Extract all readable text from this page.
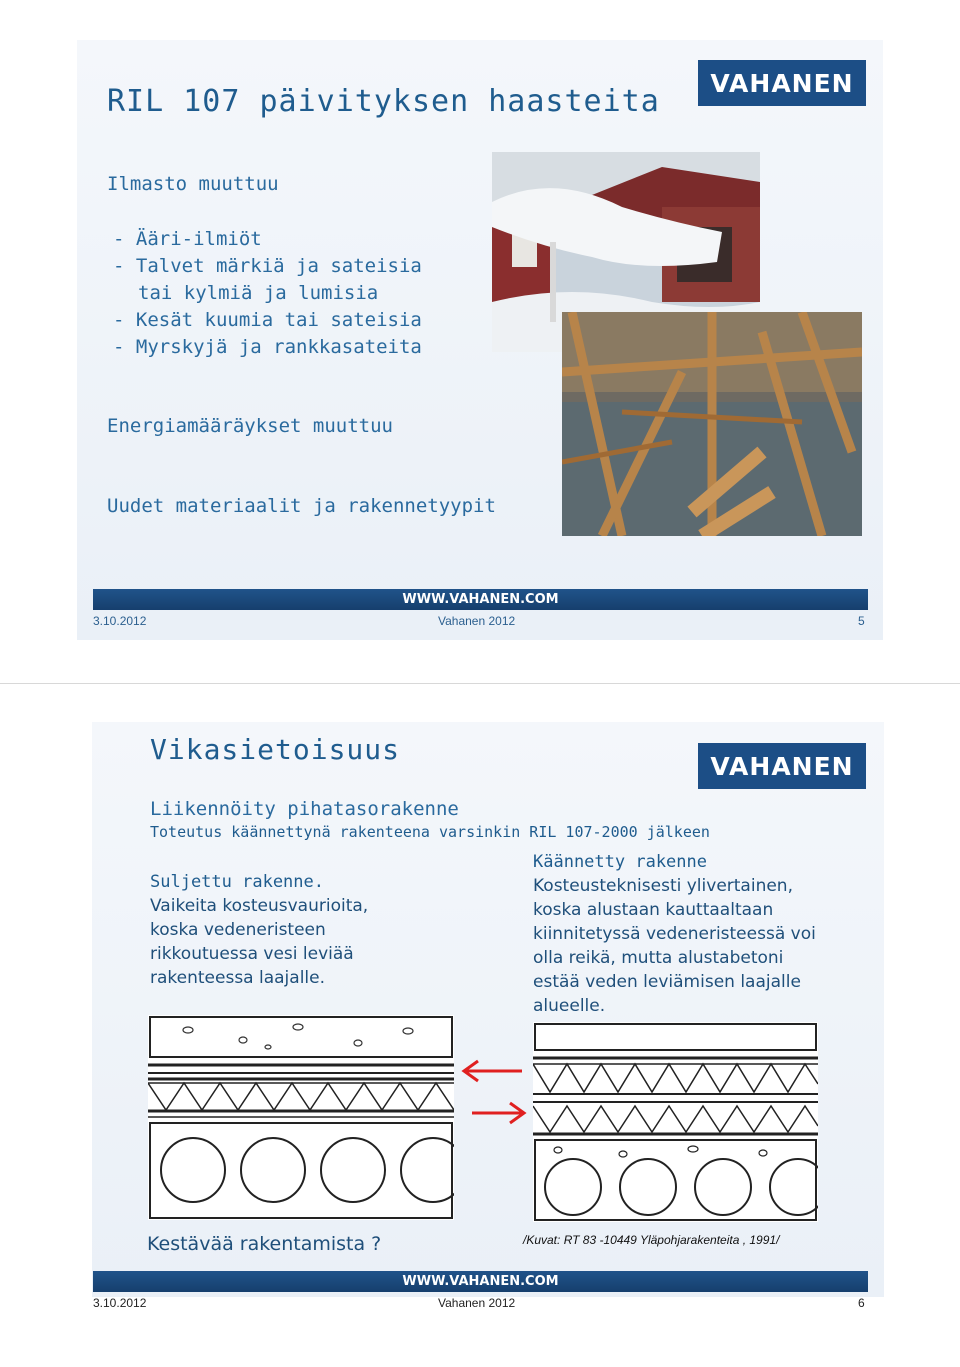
RIL 107 päivityksen haasteita
VAHANEN
Ilmasto muuttuu
- Ääri-ilmiöt
- Talvet märkiä ja sateisia
tai kylmiä ja lumisia
- Kesät kuumia tai sateisia
- Myrskyjä ja rankkasateita
Energiamääräykset muuttuu
Uudet materiaalit ja rakennetyypit
WWW.VAHANEN.COM
3.10.2012	Vahanen 2012	5
Vikasietoisuus	VAHANEN
Liikennöity pihatasorakenne
Toteutus käännettynä rakenteena varsinkin RIL 107-2000 jälkeen
Suljettu rakenne.
Vaikeita kosteusvaurioita,
koska vedeneristeen
rikkoutuessa vesi leviää
rakenteessa laajalle.
Käännetty rakenne
Kosteusteknisesti ylivertainen,
koska alustaan kauttaaltaan
kiinnitetyssä vedeneristeessä voi
olla reikä, mutta alustabetoni
estää veden leviämisen laajalle
alueelle.
Kestävää rakentamista ?	/Kuvat: RT 83 -10449 Yläpohjarakenteita , 1991/
WWW.VAHANEN.COM
3.10.2012	Vahanen 2012	6
